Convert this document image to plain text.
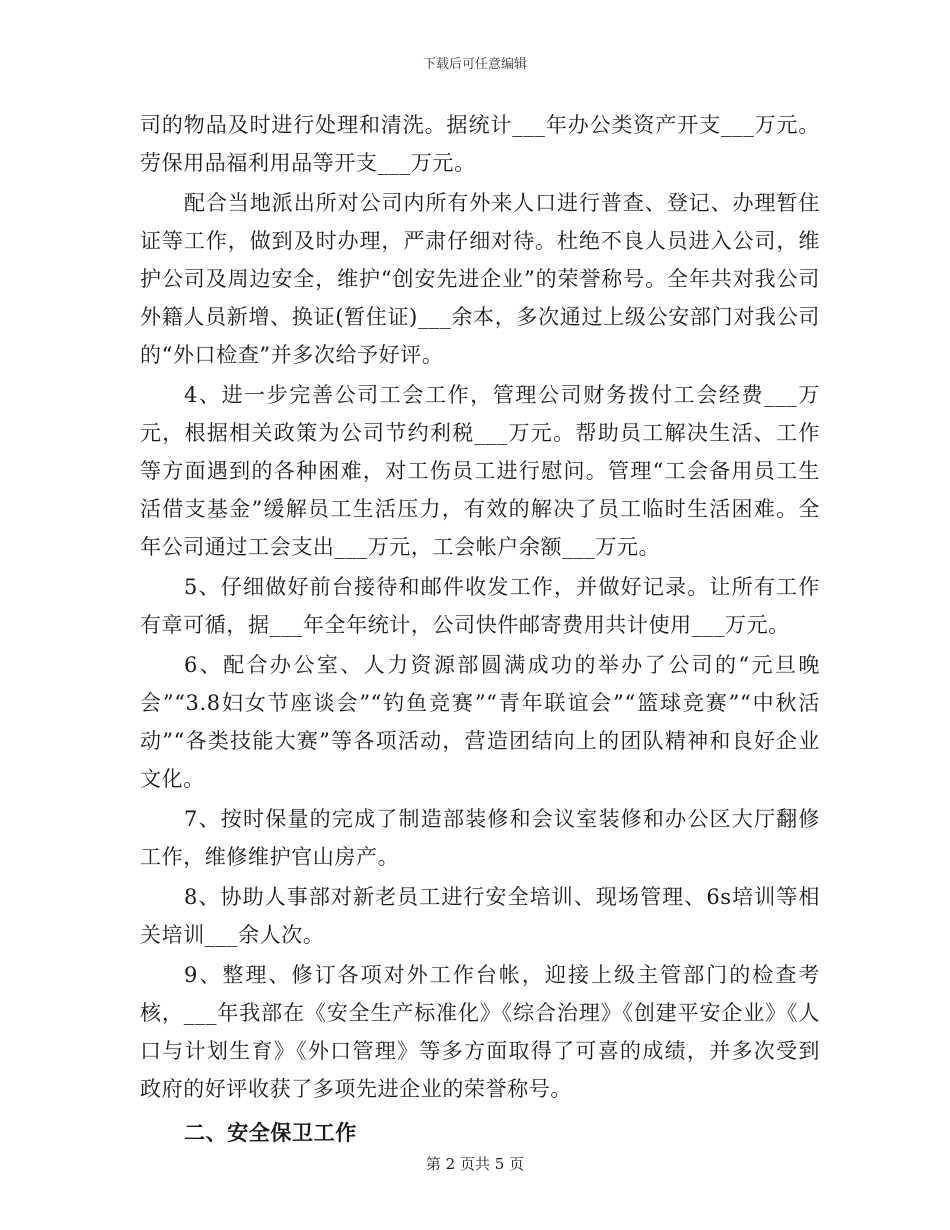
下载后可任意编辑

司的物品及时进行处理和清洗。据统计___年办公类资产开支___万元。劳保用品福利用品等开支___万元。

配合当地派出所对公司内所有外来人口进行普查、登记、办理暂住证等工作，做到及时办理，严肃仔细对待。杜绝不良人员进入公司，维护公司及周边安全，维护“创安先进企业”的荣誉称号。全年共对我公司外籍人员新增、换证(暂住证)___余本，多次通过上级公安部门对我公司的“外口检查”并多次给予好评。

4、进一步完善公司工会工作，管理公司财务拨付工会经费___万元，根据相关政策为公司节约利税___万元。帮助员工解决生活、工作等方面遇到的各种困难，对工伤员工进行慰问。管理“工会备用员工生活借支基金”缓解员工生活压力，有效的解决了员工临时生活困难。全年公司通过工会支出___万元，工会帐户余额___万元。

5、仔细做好前台接待和邮件收发工作，并做好记录。让所有工作有章可循，据___年全年统计，公司快件邮寄费用共计使用___万元。

6、配合办公室、人力资源部圆满成功的举办了公司的“元旦晚会”“3.8妇女节座谈会”“钓鱼竞赛”“青年联谊会”“篮球竞赛”“中秋活动”“各类技能大赛”等各项活动，营造团结向上的团队精神和良好企业文化。

7、按时保量的完成了制造部装修和会议室装修和办公区大厅翻修工作，维修维护官山房产。

8、协助人事部对新老员工进行安全培训、现场管理、6s培训等相关培训___余人次。

9、整理、修订各项对外工作台帐，迎接上级主管部门的检查考核，___年我部在《安全生产标准化》《综合治理》《创建平安企业》《人口与计划生育》《外口管理》等多方面取得了可喜的成绩，并多次受到政府的好评收获了多项先进企业的荣誉称号。

二、安全保卫工作

第 2 页共 5 页
